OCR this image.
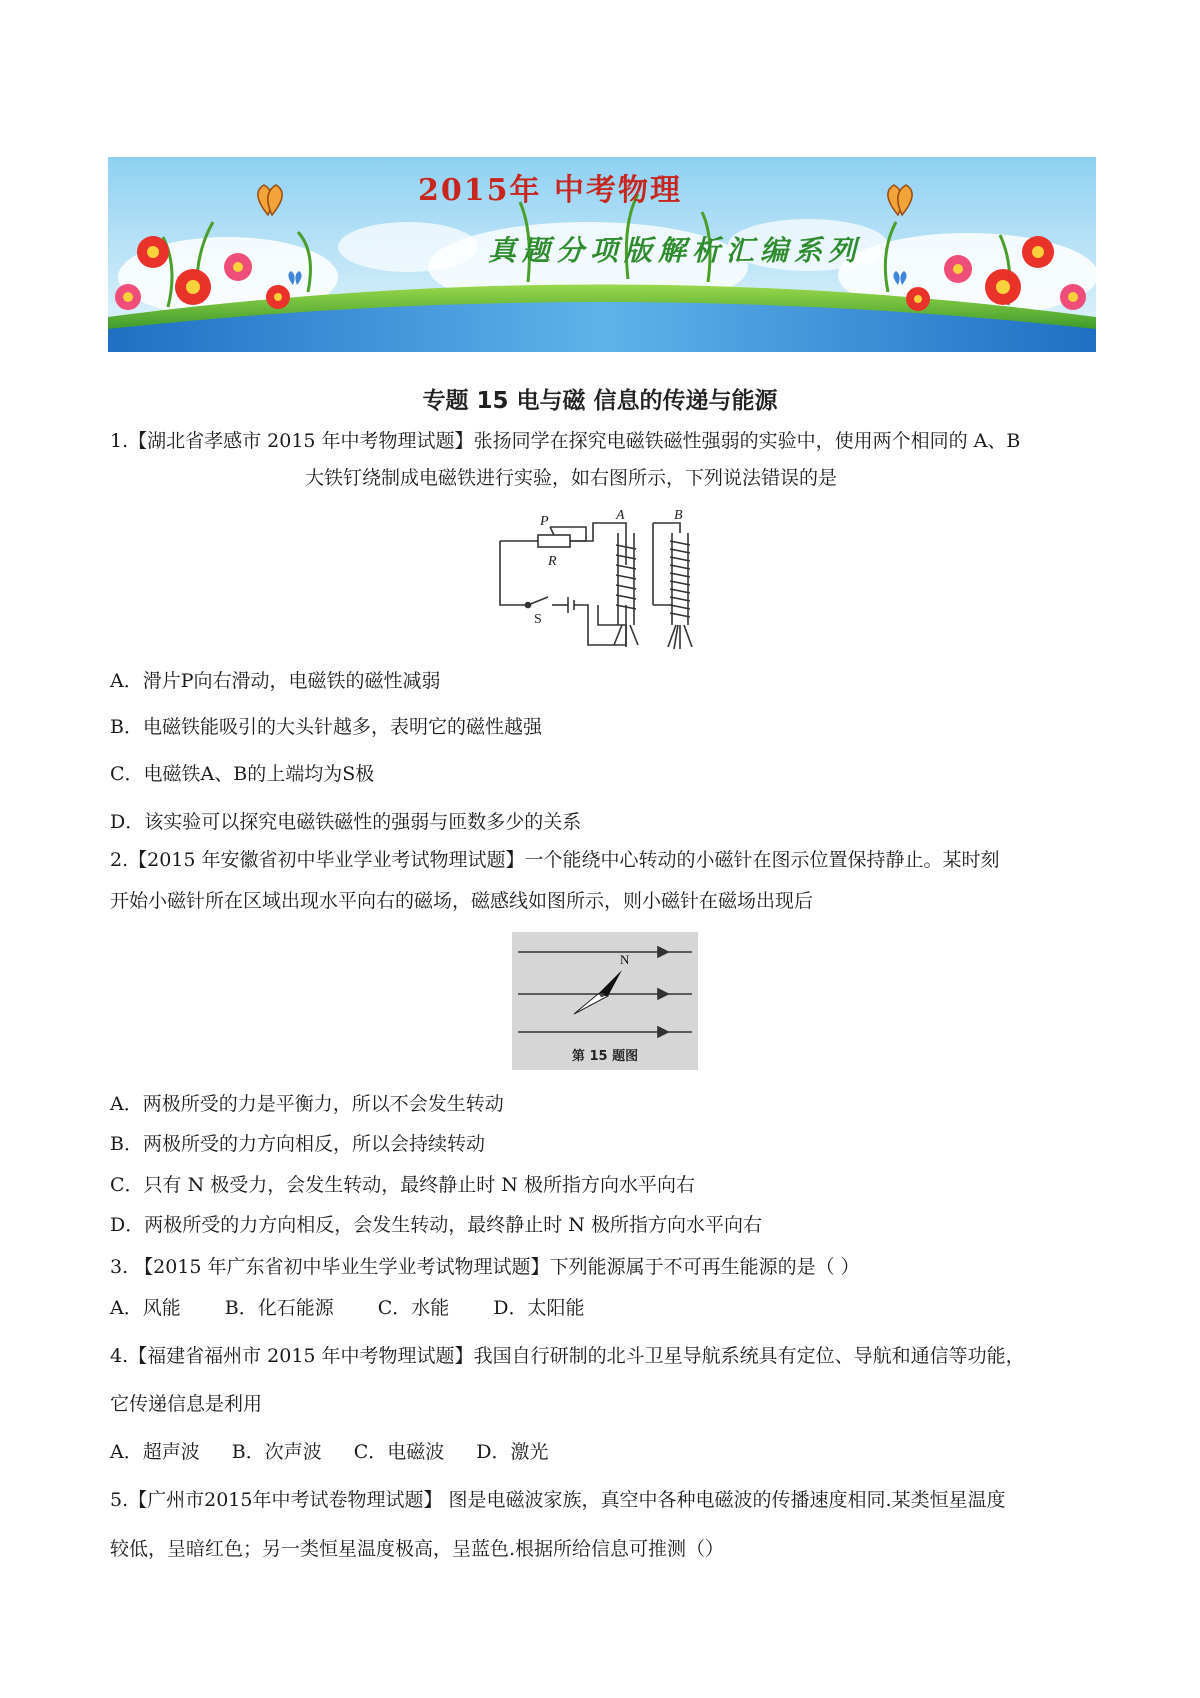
2015年 中考物理
真题分项版解析汇编系列
专题 15 电与磁 信息的传递与能源
1.【湖北省孝感市 2015 年中考物理试题】张扬同学在探究电磁铁磁性强弱的实验中，使用两个相同的 A、B
大铁钉绕制成电磁铁进行实验，如右图所示，下列说法错误的是
P
R
S
A	B
A．滑片P向右滑动，电磁铁的磁性减弱
B．电磁铁能吸引的大头针越多，表明它的磁性越强
C．电磁铁A、B的上端均为S极
D．该实验可以探究电磁铁磁性的强弱与匝数多少的关系
2.【2015 年安徽省初中毕业学业考试物理试题】一个能绕中心转动的小磁针在图示位置保持静止。某时刻
开始小磁针所在区域出现水平向右的磁场，磁感线如图所示，则小磁针在磁场出现后
N
第 15 题图
A．两极所受的力是平衡力，所以不会发生转动
B．两极所受的力方向相反，所以会持续转动
C．只有 N 极受力，会发生转动，最终静止时 N 极所指方向水平向右
D．两极所受的力方向相反，会发生转动，最终静止时 N 极所指方向水平向右
3. 【2015 年广东省初中毕业生学业考试物理试题】下列能源属于不可再生能源的是（ ）
A．风能 B．化石能源 C．水能 D．太阳能
4.【福建省福州市 2015 年中考物理试题】我国自行研制的北斗卫星导航系统具有定位、导航和通信等功能，
它传递信息是利用
A．超声波 B．次声波 C．电磁波 D．激光
5.【广州市2015年中考试卷物理试题】 图是电磁波家族，真空中各种电磁波的传播速度相同.某类恒星温度
较低，呈暗红色；另一类恒星温度极高，呈蓝色.根据所给信息可推测（）
